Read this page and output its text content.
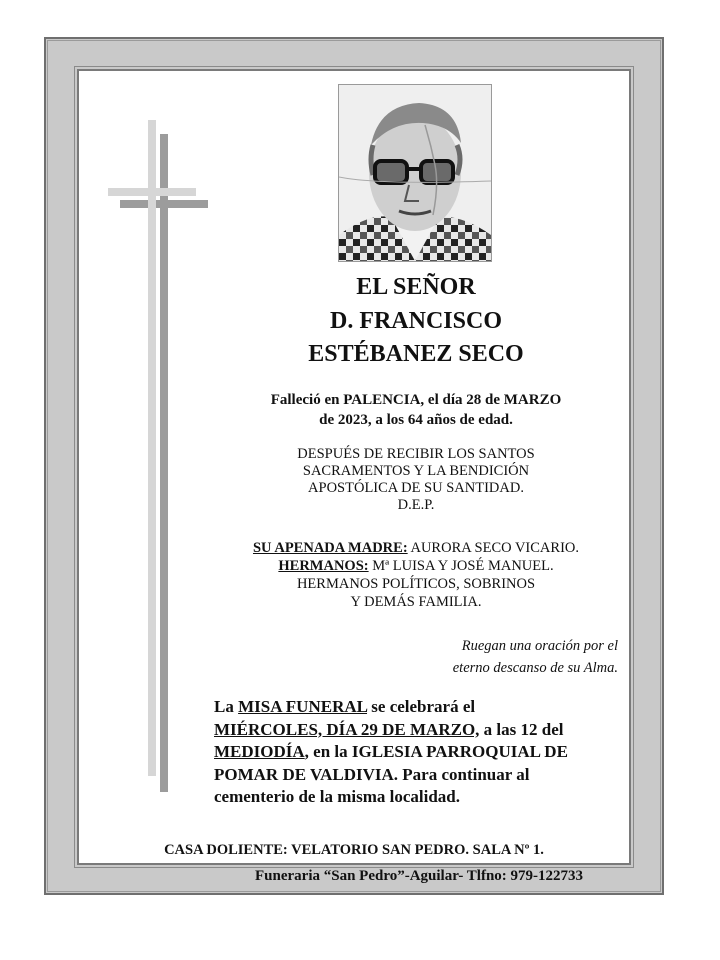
EL SEÑOR
D. FRANCISCO
ESTÉBANEZ SECO
Falleció en PALENCIA, el día 28 de MARZO
de 2023, a los 64 años de edad.
DESPUÉS DE RECIBIR LOS SANTOS
SACRAMENTOS Y LA BENDICIÓN
APOSTÓLICA DE SU SANTIDAD.
D.E.P.
SU APENADA MADRE: AURORA SECO VICARIO.
HERMANOS: Mª LUISA Y JOSÉ MANUEL.
HERMANOS POLÍTICOS, SOBRINOS
Y DEMÁS FAMILIA.
Ruegan una oración por el
eterno descanso de su Alma.
La MISA FUNERAL se celebrará el
MIÉRCOLES, DÍA 29 DE MARZO, a las 12 del
MEDIODÍA, en la IGLESIA PARROQUIAL DE
POMAR DE VALDIVIA. Para continuar al
cementerio de la misma localidad.
CASA DOLIENTE: VELATORIO SAN PEDRO. SALA Nº 1.
Funeraria “San Pedro”-Aguilar- Tlfno: 979-122733
